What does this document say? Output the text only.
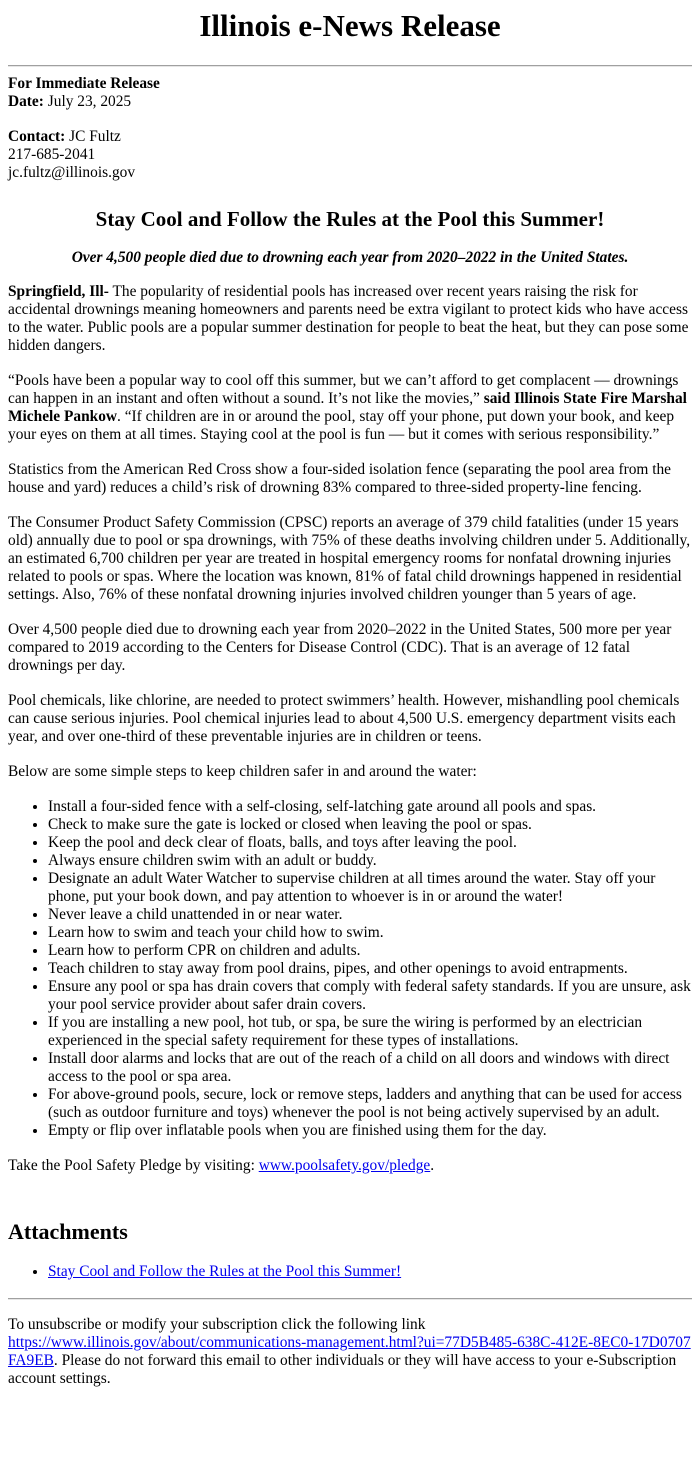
Illinois e-News Release

For Immediate Release
Date: July 23, 2025

Contact: JC Fultz
217-685-2041
jc.fultz@illinois.gov

Stay Cool and Follow the Rules at the Pool this Summer!

Over 4,500 people died due to drowning each year from 2020–2022 in the United States.

Springfield, Ill- The popularity of residential pools has increased over recent years raising the risk for accidental drownings meaning homeowners and parents need be extra vigilant to protect kids who have access to the water. Public pools are a popular summer destination for people to beat the heat, but they can pose some hidden dangers.

“Pools have been a popular way to cool off this summer, but we can’t afford to get complacent — drownings can happen in an instant and often without a sound. It’s not like the movies,” said Illinois State Fire Marshal Michele Pankow. “If children are in or around the pool, stay off your phone, put down your book, and keep your eyes on them at all times. Staying cool at the pool is fun — but it comes with serious responsibility.”

Statistics from the American Red Cross show a four-sided isolation fence (separating the pool area from the house and yard) reduces a child’s risk of drowning 83% compared to three-sided property-line fencing.

The Consumer Product Safety Commission (CPSC) reports an average of 379 child fatalities (under 15 years old) annually due to pool or spa drownings, with 75% of these deaths involving children under 5. Additionally, an estimated 6,700 children per year are treated in hospital emergency rooms for nonfatal drowning injuries related to pools or spas. Where the location was known, 81% of fatal child drownings happened in residential settings. Also, 76% of these nonfatal drowning injuries involved children younger than 5 years of age.

Over 4,500 people died due to drowning each year from 2020–2022 in the United States, 500 more per year compared to 2019 according to the Centers for Disease Control (CDC). That is an average of 12 fatal drownings per day.

Pool chemicals, like chlorine, are needed to protect swimmers’ health. However, mishandling pool chemicals can cause serious injuries. Pool chemical injuries lead to about 4,500 U.S. emergency department visits each year, and over one-third of these preventable injuries are in children or teens.

Below are some simple steps to keep children safer in and around the water:

• Install a four-sided fence with a self-closing, self-latching gate around all pools and spas.
• Check to make sure the gate is locked or closed when leaving the pool or spas.
• Keep the pool and deck clear of floats, balls, and toys after leaving the pool.
• Always ensure children swim with an adult or buddy.
• Designate an adult Water Watcher to supervise children at all times around the water. Stay off your phone, put your book down, and pay attention to whoever is in or around the water!
• Never leave a child unattended in or near water.
• Learn how to swim and teach your child how to swim.
• Learn how to perform CPR on children and adults.
• Teach children to stay away from pool drains, pipes, and other openings to avoid entrapments.
• Ensure any pool or spa has drain covers that comply with federal safety standards. If you are unsure, ask your pool service provider about safer drain covers.
• If you are installing a new pool, hot tub, or spa, be sure the wiring is performed by an electrician experienced in the special safety requirement for these types of installations.
• Install door alarms and locks that are out of the reach of a child on all doors and windows with direct access to the pool or spa area.
• For above-ground pools, secure, lock or remove steps, ladders and anything that can be used for access (such as outdoor furniture and toys) whenever the pool is not being actively supervised by an adult.
• Empty or flip over inflatable pools when you are finished using them for the day.

Take the Pool Safety Pledge by visiting: www.poolsafety.gov/pledge.

Attachments
• Stay Cool and Follow the Rules at the Pool this Summer!

To unsubscribe or modify your subscription click the following link
https://www.illinois.gov/about/communications-management.html?ui=77D5B485-638C-412E-8EC0-17D0707FA9EB. Please do not forward this email to other individuals or they will have access to your e-Subscription account settings.
